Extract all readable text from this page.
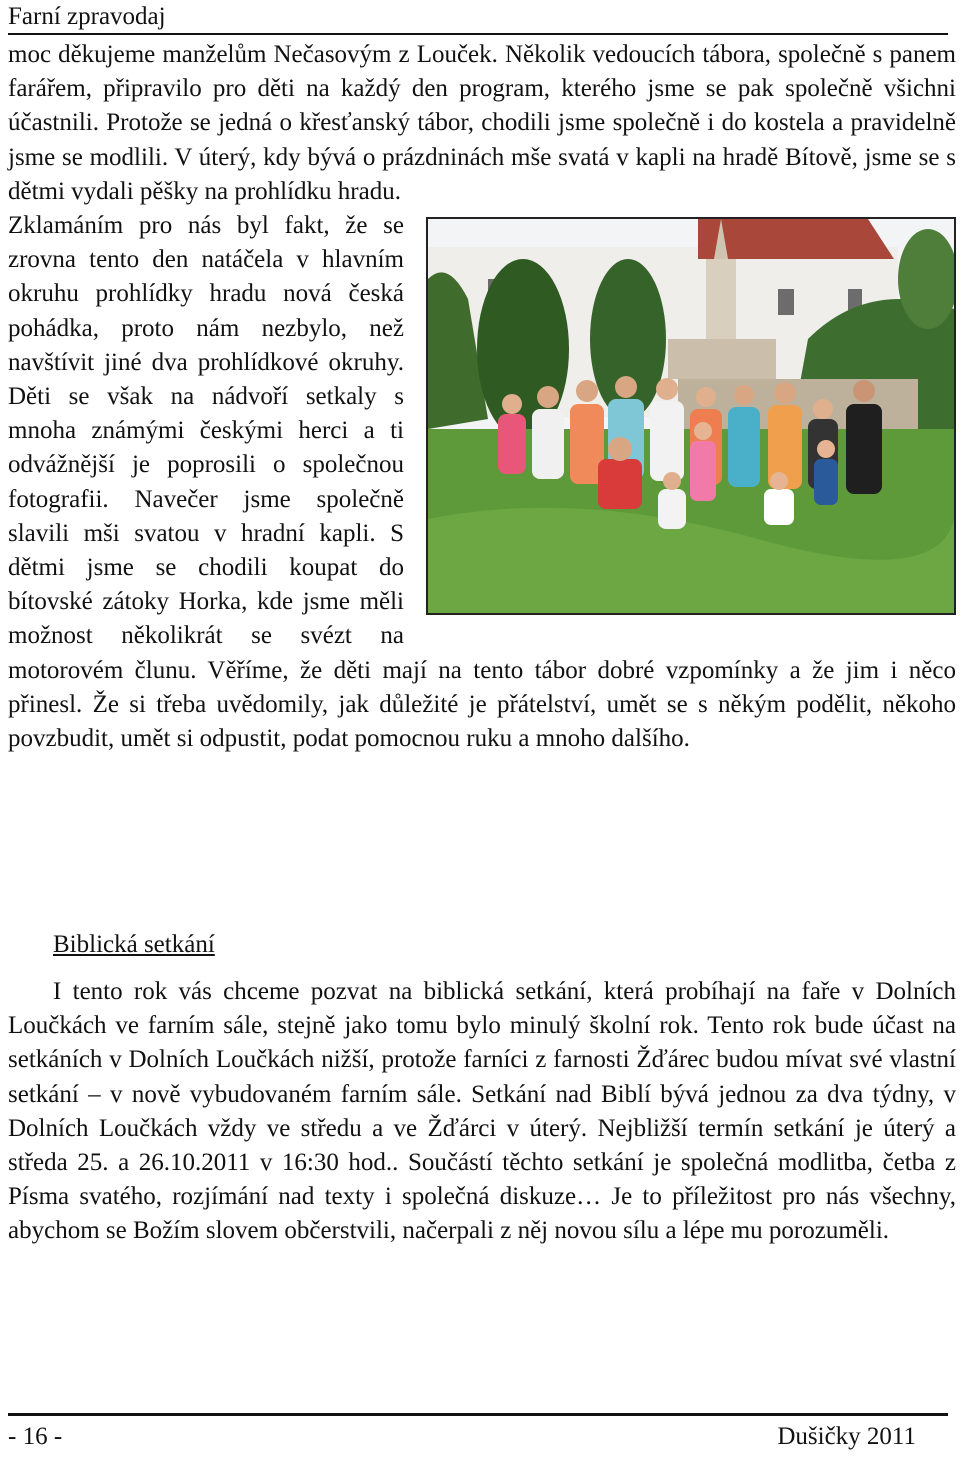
Farní zpravodaj

moc děkujeme manželům Nečasovým z Louček. Několik vedoucích tábora, společně s panem farářem, připravilo pro děti na každý den program, kterého jsme se pak společně všichni účastnili. Protože se jedná o křesťanský tábor, chodili jsme společně i do kostela a pravidelně jsme se modlili. V úterý, kdy bývá o prázdninách mše svatá v kapli na hradě Bítově, jsme se s dětmi vydali pěšky na prohlídku hradu.

Zklamáním pro nás byl fakt, že se zrovna tento den natáčela v hlavním okruhu prohlídky hradu nová česká pohádka, proto nám nezbylo, než navštívit jiné dva prohlídkové okruhy. Děti se však na nádvoří setkaly s mnoha známými českými herci a ti odvážnější je poprosili o společnou fotografii. Navečer jsme společně slavili mši svatou v hradní kapli. S dětmi jsme se chodili koupat do bítovské zátoky Horka, kde jsme měli možnost několikrát se svézt na motorovém člunu. Věříme, že děti mají na tento tábor dobré vzpomínky a že jim i něco přinesl. Že si třeba uvědomily, jak důležité je přátelství, umět se s někým podělit, někoho povzbudit, umět si odpustit, podat pomocnou ruku a mnoho dalšího.

Biblická setkání

I tento rok vás chceme pozvat na biblická setkání, která probíhají na faře v Dolních Loučkách ve farním sále, stejně jako tomu bylo minulý školní rok. Tento rok bude účast na setkáních v Dolních Loučkách nižší, protože farníci z farnosti Žďárec budou mívat své vlastní setkání – v nově vybudovaném farním sále. Setkání nad Biblí bývá jednou za dva týdny, v Dolních Loučkách vždy ve středu a ve Žďárci v úterý. Nejbližší termín setkání je úterý a středa 25. a 26.10.2011 v 16:30 hod.. Součástí těchto setkání je společná modlitba, četba z Písma svatého, rozjímání nad texty i společná diskuze… Je to příležitost pro nás všechny, abychom se Božím slovem občerstvili, načerpali z něj novou sílu a lépe mu porozuměli.

- 16 -	Dušičky 2011
